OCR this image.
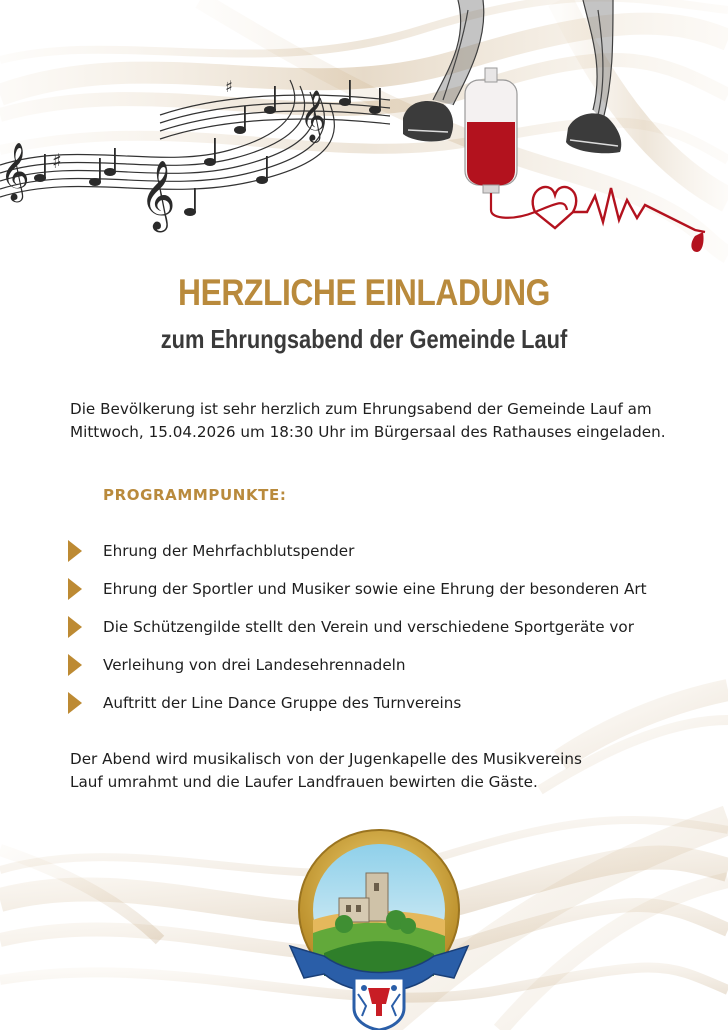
𝄞
𝄞
𝄞 ♯
♯
HERZLICHE EINLADUNG
zum Ehrungsabend der Gemeinde Lauf
Die Bevölkerung ist sehr herzlich zum Ehrungsabend der Gemeinde Lauf am
Mittwoch, 15.04.2026 um 18:30 Uhr im Bürgersaal des Rathauses eingeladen.
PROGRAMMPUNKTE:
Ehrung der Mehrfachblutspender
Ehrung der Sportler und Musiker sowie eine Ehrung der besonderen Art
Die Schützengilde stellt den Verein und verschiedene Sportgeräte vor
Verleihung von drei Landesehrennadeln
Auftritt der Line Dance Gruppe des Turnvereins
Der Abend wird musikalisch von der Jugenkapelle des Musikvereins
Lauf umrahmt und die Laufer Landfrauen bewirten die Gäste.
